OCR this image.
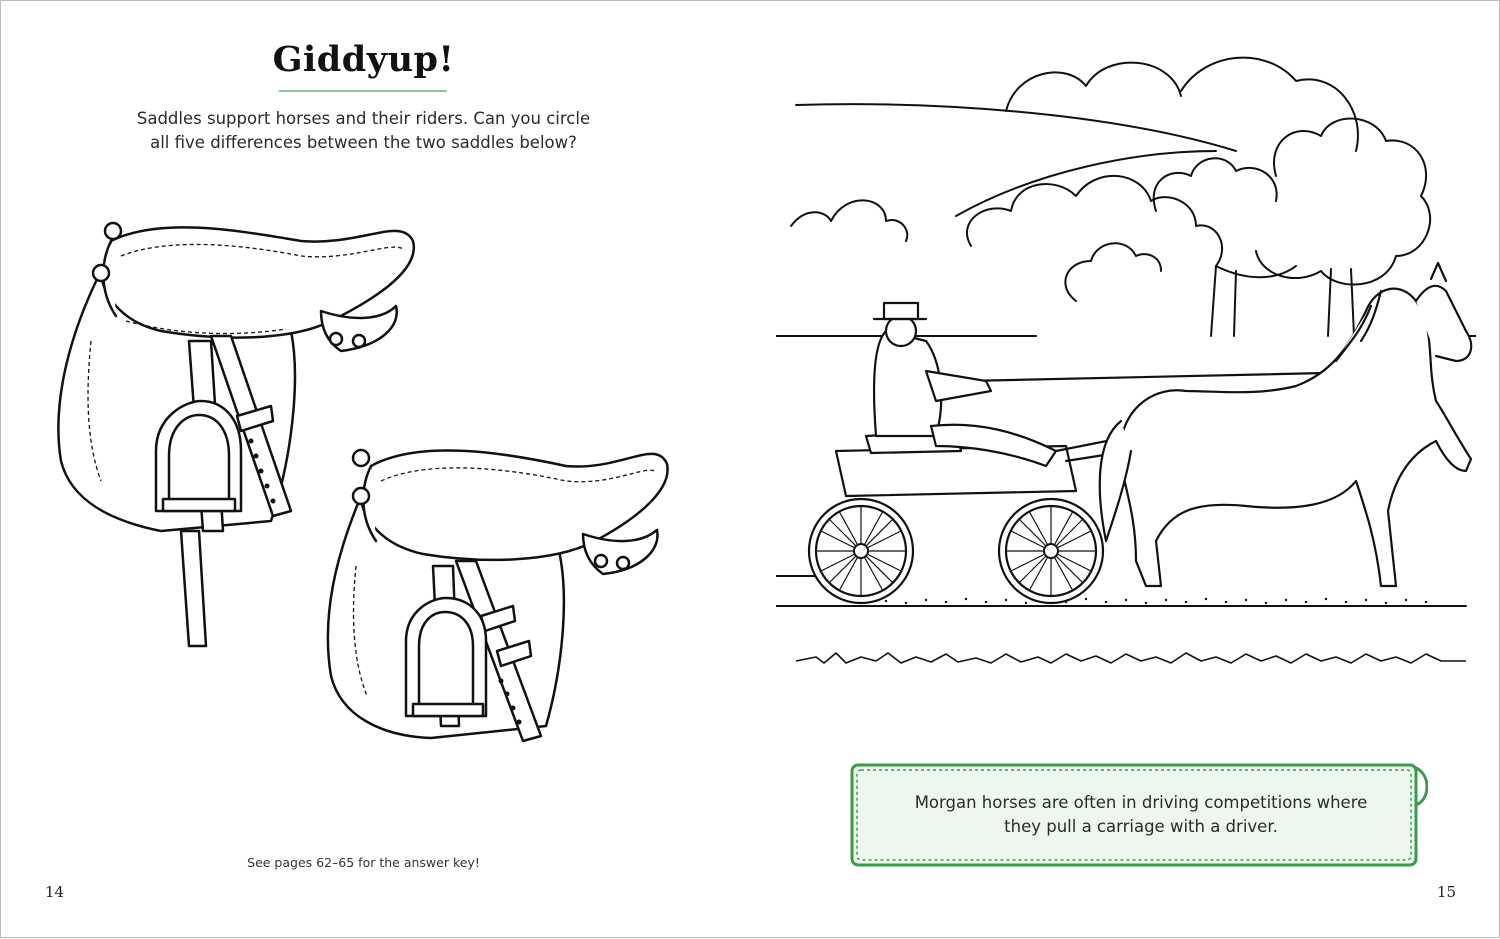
Giddyup!
Saddles support horses and their riders. Can you circle
all five differences between the two saddles below?
See pages 62–65 for the answer key!
14
Morgan horses are often in driving competitions where
they pull a carriage with a driver.
15
